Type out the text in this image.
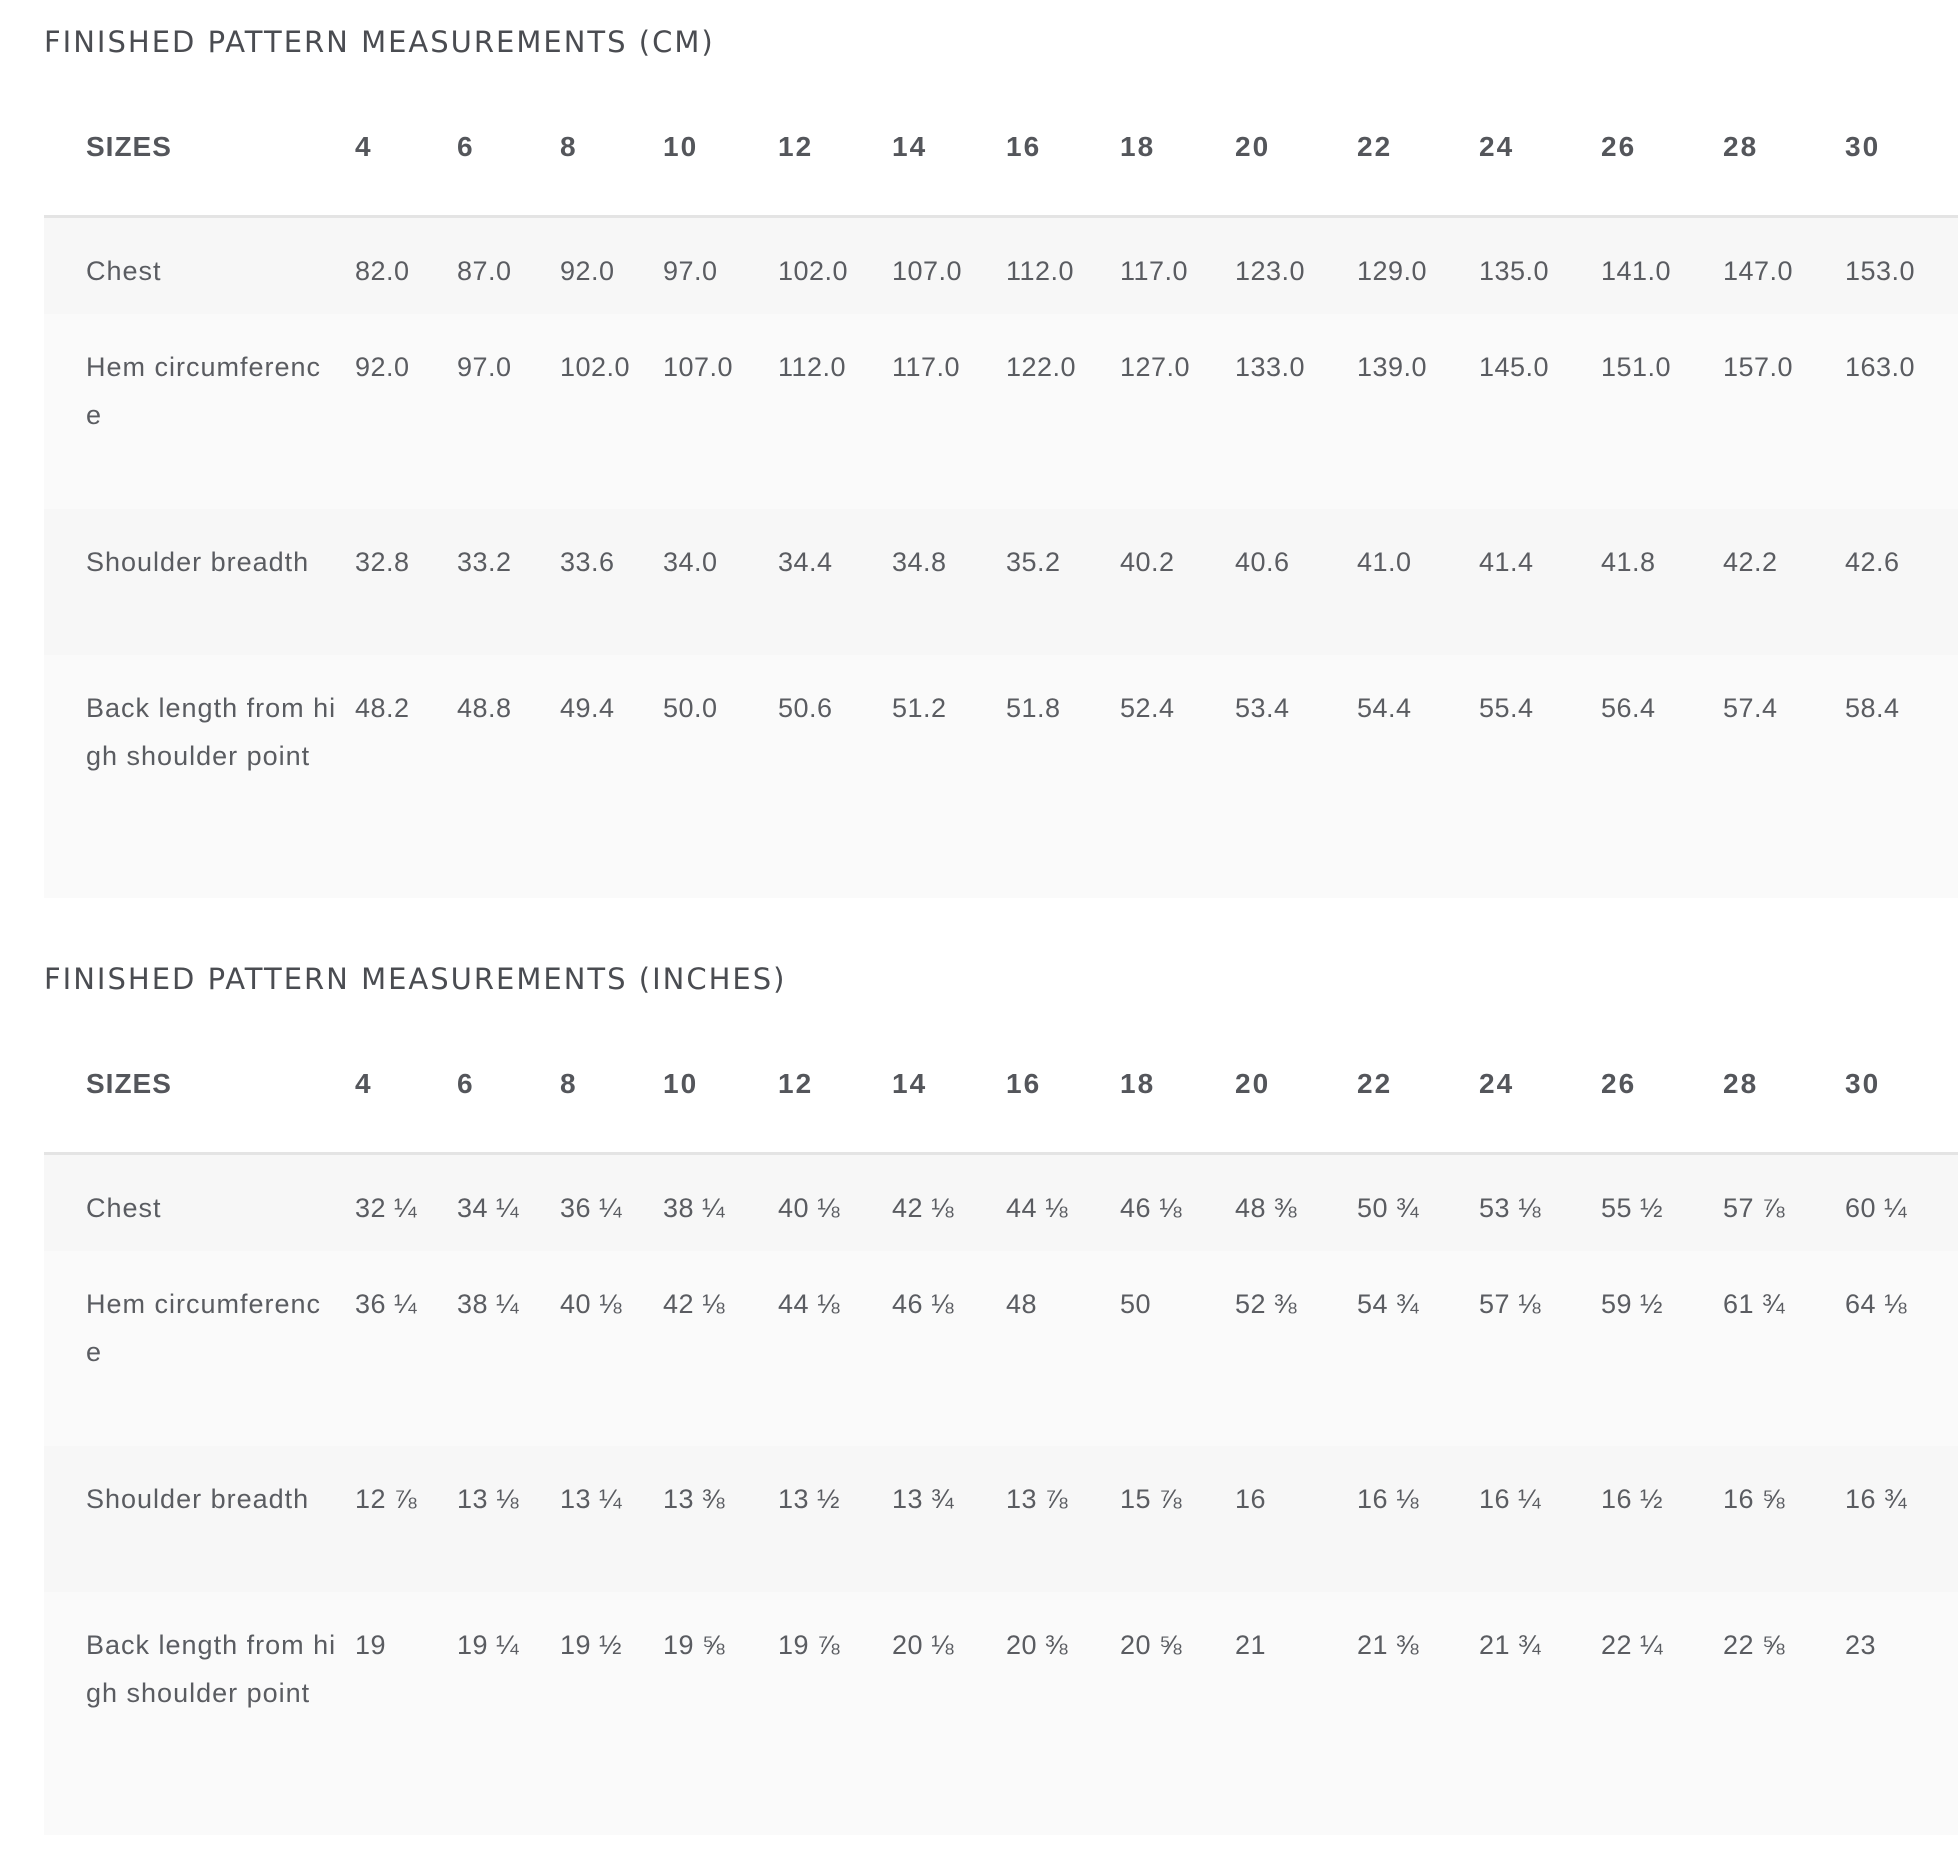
FINISHED PATTERN MEASUREMENTS (CM)
SIZES	4	6	8	10	12	14	16	18	20	22	24	26	28	30
Chest	82.0	87.0	92.0	97.0	102.0	107.0	112.0	117.0	123.0	129.0	135.0	141.0	147.0	153.0
Hem circumference	92.0	97.0	102.0	107.0	112.0	117.0	122.0	127.0	133.0	139.0	145.0	151.0	157.0	163.0
Shoulder breadth	32.8	33.2	33.6	34.0	34.4	34.8	35.2	40.2	40.6	41.0	41.4	41.8	42.2	42.6
Back length from high shoulder point	48.2	48.8	49.4	50.0	50.6	51.2	51.8	52.4	53.4	54.4	55.4	56.4	57.4	58.4
FINISHED PATTERN MEASUREMENTS (INCHES)
SIZES	4	6	8	10	12	14	16	18	20	22	24	26	28	30
Chest	32 ¼	34 ¼	36 ¼	38 ¼	40 ⅛	42 ⅛	44 ⅛	46 ⅛	48 ⅜	50 ¾	53 ⅛	55 ½	57 ⅞	60 ¼
Hem circumference	36 ¼	38 ¼	40 ⅛	42 ⅛	44 ⅛	46 ⅛	48	50	52 ⅜	54 ¾	57 ⅛	59 ½	61 ¾	64 ⅛
Shoulder breadth	12 ⅞	13 ⅛	13 ¼	13 ⅜	13 ½	13 ¾	13 ⅞	15 ⅞	16	16 ⅛	16 ¼	16 ½	16 ⅝	16 ¾
Back length from high shoulder point	19	19 ¼	19 ½	19 ⅝	19 ⅞	20 ⅛	20 ⅜	20 ⅝	21	21 ⅜	21 ¾	22 ¼	22 ⅝	23
